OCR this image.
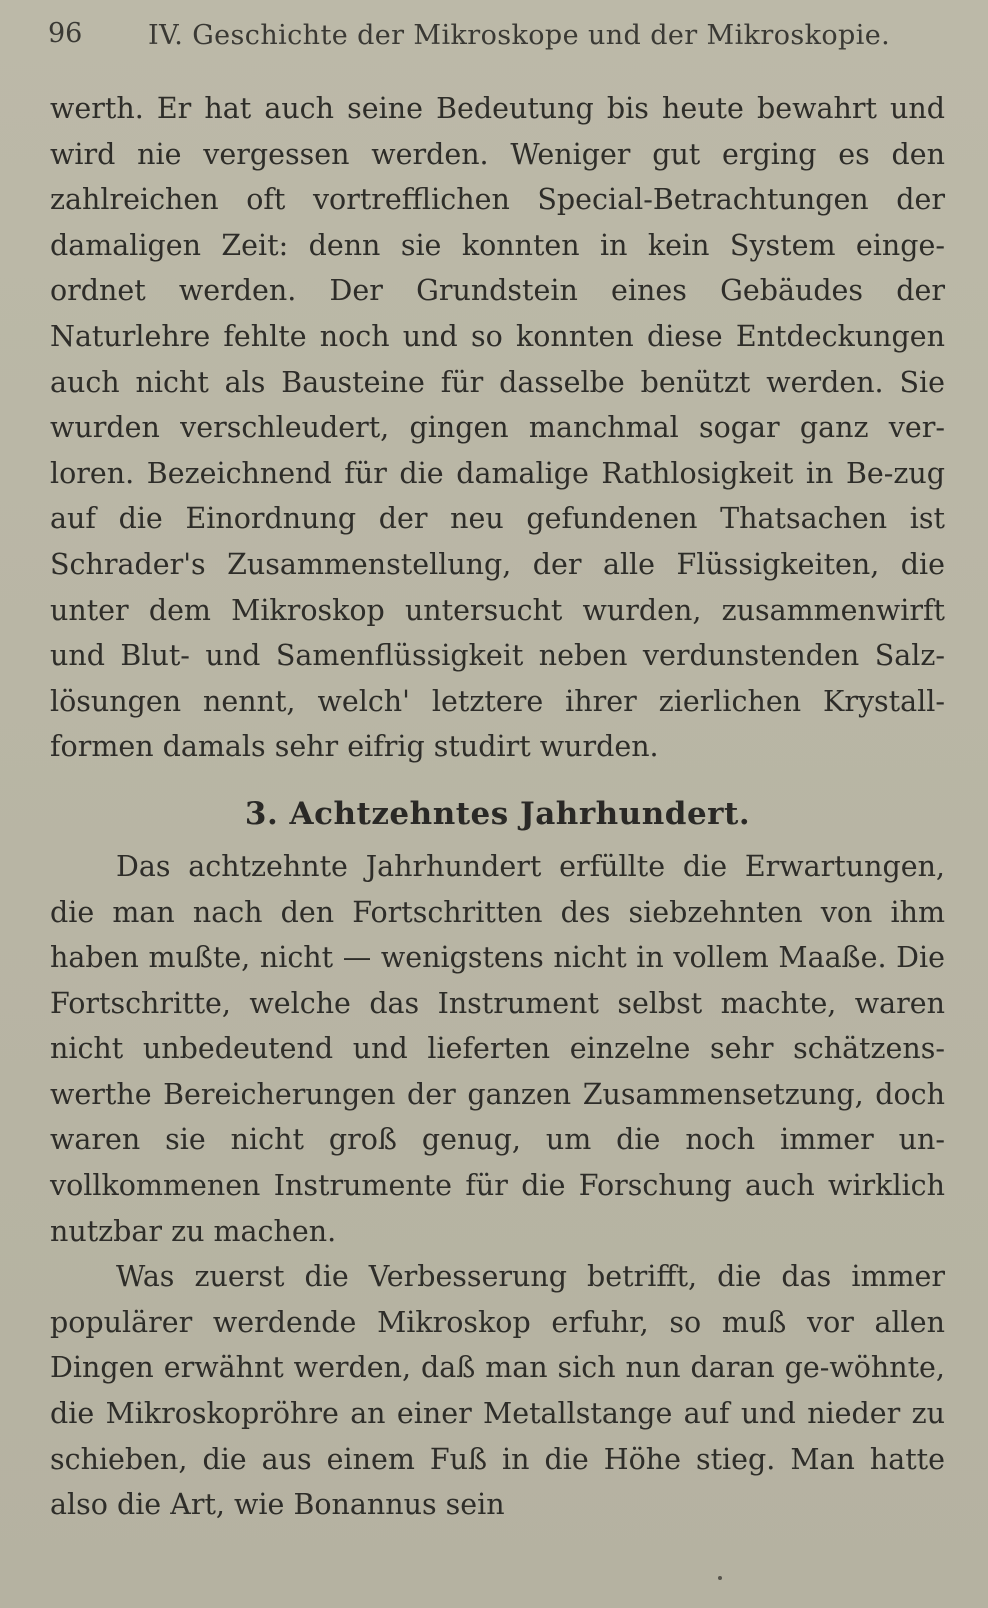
96 IV. Geschichte der Mikroskope und der Mikroskopie.

werth. Er hat auch seine Bedeutung bis heute bewahrt und wird nie vergessen werden. Weniger gut erging es den zahlreichen oft vortrefflichen Special-Betrachtungen der damaligen Zeit: denn sie konnten in kein System einge-ordnet werden. Der Grundstein eines Gebäudes der Naturlehre fehlte noch und so konnten diese Entdeckungen auch nicht als Bausteine für dasselbe benützt werden. Sie wurden verschleudert, gingen manchmal sogar ganz ver-loren. Bezeichnend für die damalige Rathlosigkeit in Be-zug auf die Einordnung der neu gefundenen Thatsachen ist Schrader's Zusammenstellung, der alle Flüssigkeiten, die unter dem Mikroskop untersucht wurden, zusammenwirft und Blut- und Samenflüssigkeit neben verdunstenden Salz-lösungen nennt, welch' letztere ihrer zierlichen Krystall-formen damals sehr eifrig studirt wurden.

3. Achtzehntes Jahrhundert.

Das achtzehnte Jahrhundert erfüllte die Erwartungen, die man nach den Fortschritten des siebzehnten von ihm haben mußte, nicht — wenigstens nicht in vollem Maaße. Die Fortschritte, welche das Instrument selbst machte, waren nicht unbedeutend und lieferten einzelne sehr schätzens-werthe Bereicherungen der ganzen Zusammensetzung, doch waren sie nicht groß genug, um die noch immer un-vollkommenen Instrumente für die Forschung auch wirklich nutzbar zu machen.

Was zuerst die Verbesserung betrifft, die das immer populärer werdende Mikroskop erfuhr, so muß vor allen Dingen erwähnt werden, daß man sich nun daran ge-wöhnte, die Mikroskopröhre an einer Metallstange auf und nieder zu schieben, die aus einem Fuß in die Höhe stieg. Man hatte also die Art, wie Bonannus sein
